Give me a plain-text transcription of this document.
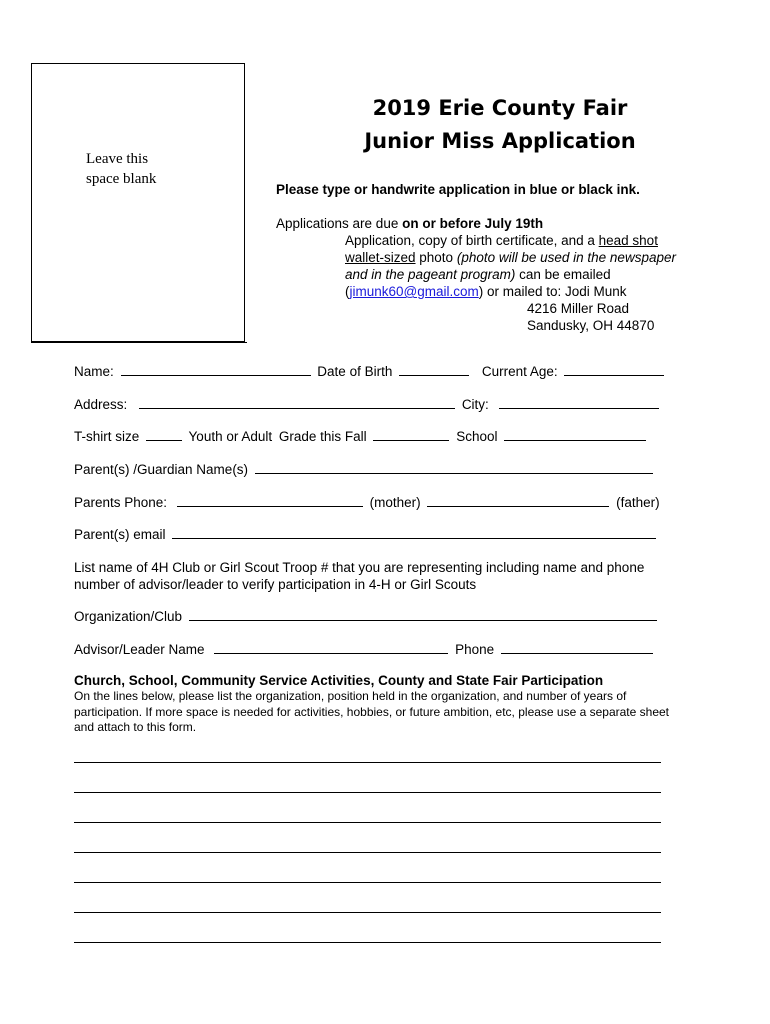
Leave this
space blank
2019 Erie County Fair
Junior Miss Application
Please type or handwrite application in blue or black ink.
Applications are due on or before July 19th
Application, copy of birth certificate, and a head shot
wallet-sized photo (photo will be used in the newspaper
and in the pageant program) can be emailed
(jimunk60@gmail.com) or mailed to: Jodi Munk
4216 Miller Road
Sandusky, OH 44870
Name:	Date of Birth	Current Age:
Address:	City:
T-shirt size	Youth or Adult Grade this Fall	School
Parent(s) /Guardian Name(s)
Parents Phone:	(mother)	(father)
Parent(s) email
List name of 4H Club or Girl Scout Troop # that you are representing including name and phone
number of advisor/leader to verify participation in 4-H or Girl Scouts
Organization/Club
Advisor/Leader Name	Phone
Church, School, Community Service Activities, County and State Fair Participation
On the lines below, please list the organization, position held in the organization, and number of years of
participation. If more space is needed for activities, hobbies, or future ambition, etc, please use a separate sheet
and attach to this form.
